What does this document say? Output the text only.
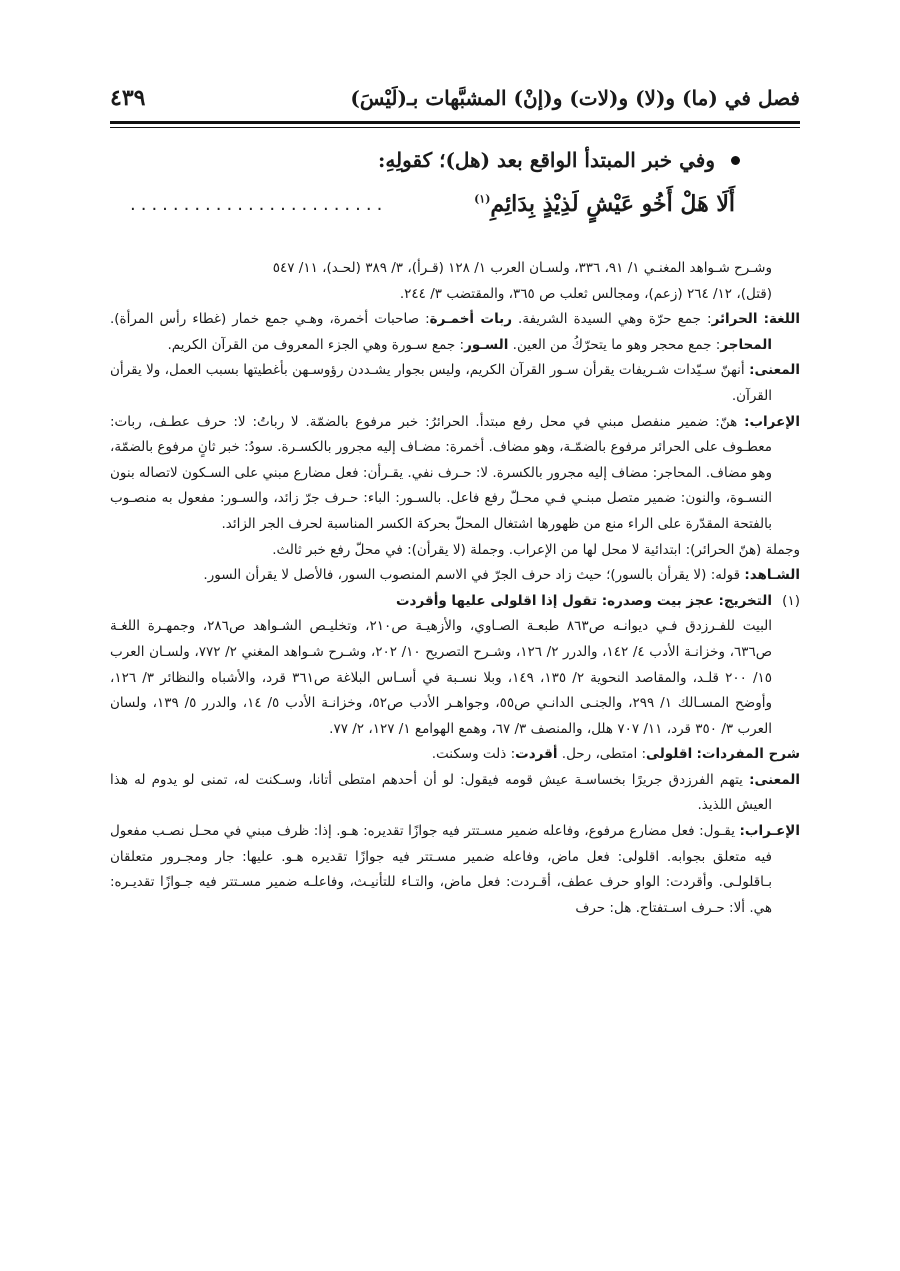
فصل في (ما) و(لا) و(لات) و(إنْ) المشبَّهات بـ(لَيْسَ)
٤٣٩
وفي خبر المبتدأ الواقع بعد (هل)؛ كقولِهِ:
أَلَا هَلْ أَخُو عَيْشٍ لَذِيْذٍ بِدَائِمِ$^{(١)}$
........................

وشـرح شـواهد المغنـي ١/ ٩١، ٣٣٦، ولسـان العرب ١/ ١٢٨ (قـرأ)، ٣/ ٣٨٩ (لحـد)، ١١/ ٥٤٧

(قتل)، ١٢/ ٢٦٤ (زعم)، ومجالس ثعلب ص ٣٦٥، والمقتضب ٣/ ٢٤٤.

اللغة: الحرائر: جمع حرّة وهي السيدة الشريفة. ربات أخمـرة: صاحبات أخمرة، وهـي جمع خمار (غطاء رأس المرأة). المحاجر: جمع محجر وهو ما يتحرّكُ من العين. السـور: جمع سـورة وهي الجزء المعروف من القرآن الكريم.

المعنى: أنهنّ سـيّدات شـريفات يقرأن سـور القرآن الكريم، وليس بجوار يشـددن رؤوسـهن بأغطيتها بسبب العمل، ولا يقرأن القرآن.

الإعراب: هنّ: ضمير منفصل مبني في محل رفع مبتدأ. الحرائرُ: خبر مرفوع بالضمّة. لا رباتُ: لا: حرف عطـف، ربات: معطـوف على الحرائر مرفوع بالضمّـة، وهو مضاف. أخمرة: مضـاف إليه مجرور بالكسـرة. سودُ: خبر ثانٍ مرفوع بالضمّة، وهو مضاف. المحاجر: مضاف إليه مجرور بالكسرة. لا: حـرف نفي. يقـرأن: فعل مضارع مبني على السـكون لاتصاله بنون النسـوة، والنون: ضمير متصل مبنـي فـي محـلّ رفع فاعل. بالسـور: الباء: حـرف جرّ زائد، والسـور: مفعول به منصـوب بالفتحة المقدّرة على الراء منع من ظهورها اشتغال المحلّ بحركة الكسر المناسبة لحرف الجر الزائد.

وجملة (هنّ الحرائر): ابتدائية لا محل لها من الإعراب. وجملة (لا يقرأن): في محلّ رفع خبر ثالث.

الشـاهد: قوله: (لا يقرأن بالسور)؛ حيث زاد حرف الجرّ في الاسم المنصوب السور، فالأصل لا يقرأن السور.

(١)
التخريج: عجز بيت وصدره: تقول إذا اقلولى عليها وأقردت

البيت للفـرزدق فـي ديوانـه ص٨٦٣ طبعـة الصـاوي، والأزهيـة ص٢١٠، وتخليـص الشـواهد ص٢٨٦، وجمهـرة اللغـة ص٦٣٦، وخزانـة الأدب ٤/ ١٤٢، والدرر ٢/ ١٢٦، وشـرح التصريح ١٠/ ٢٠٢، وشـرح شـواهد المغني ٢/ ٧٧٢، ولسـان العرب ١٥/ ٢٠٠ قلـد، والمقاصد النحوية ٢/ ١٣٥، ١٤٩، وبلا نسـبة في أسـاس البلاغة ص٣٦١ قرد، والأشباه والنظائر ٣/ ١٢٦، وأوضح المسـالك ١/ ٢٩٩، والجنـى الدانـي ص٥٥، وجواهـر الأدب ص٥٢، وخزانـة الأدب ٥/ ١٤، والدرر ٥/ ١٣٩، ولسان العرب ٣/ ٣٥٠ قرد، ١١/ ٧٠٧ هلل، والمنصف ٣/ ٦٧، وهمع الهوامع ١/ ١٢٧، ٢/ ٧٧.

شرح المفردات: اقلولى: امتطى، رحل. أقردت: ذلت وسكنت.

المعنى: يتهم الفرزدق جريرًا بخساسـة عيش قومه فيقول: لو أن أحدهم امتطى أتانا، وسـكنت له، تمنى لو يدوم له هذا العيش اللذيذ.

الإعـراب: يقـول: فعل مضارع مرفوع، وفاعله ضمير مسـتتر فيه جوازًا تقديره: هـو. إذا: ظرف مبني في محـل نصـب مفعول فيه متعلق بجوابه. اقلولى: فعل ماض، وفاعله ضمير مسـتتر فيه جوازًا تقديره هـو. عليها: جار ومجـرور متعلقان بـاقلولـى. وأقردت: الواو حرف عطف، أقـردت: فعل ماض، والتـاء للتأنيـث، وفاعلـه ضمير مسـتتر فيه جـوازًا تقديـره: هي. ألا: حـرف اسـتفتاح. هل: حرف
